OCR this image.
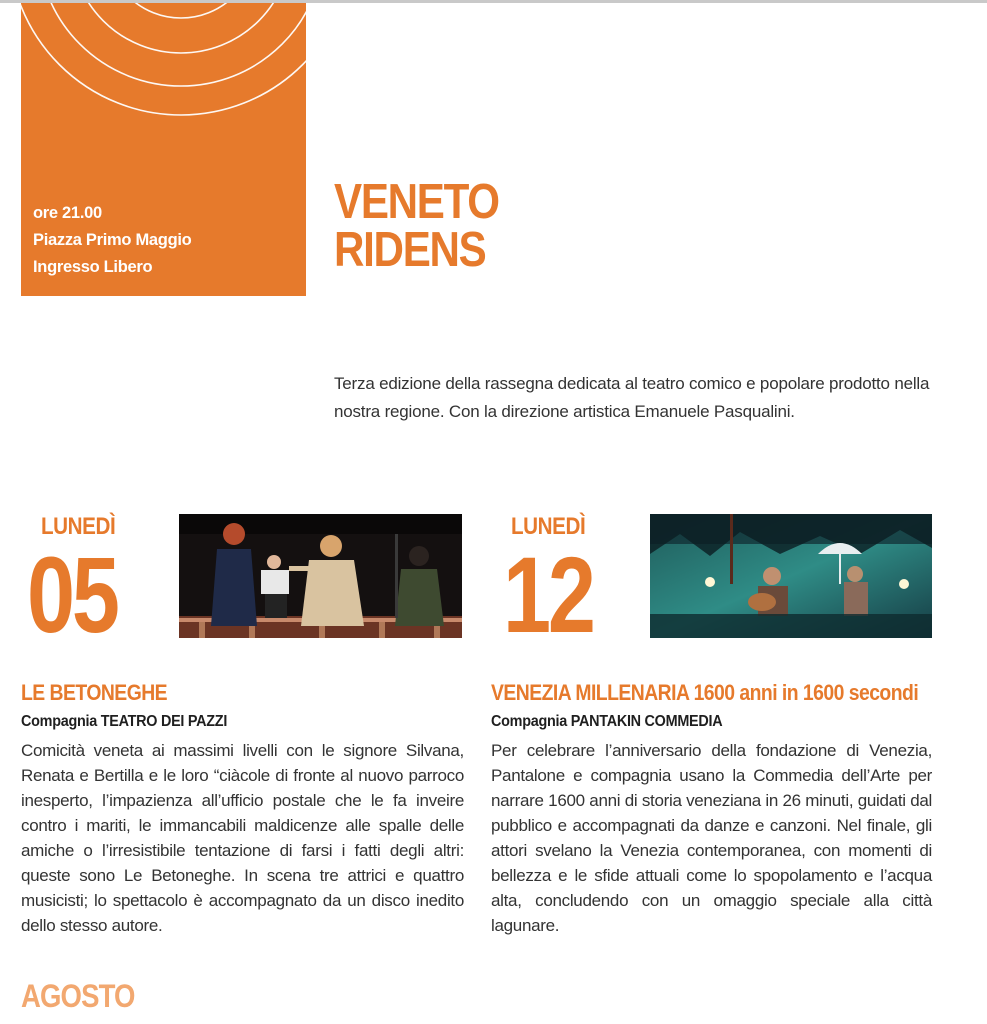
ore 21.00
Piazza Primo Maggio
Ingresso Libero
VENETO
RIDENS
Terza edizione della rassegna dedicata al teatro comico e popolare prodotto nella nostra regione. Con la direzione artistica Emanuele Pasqualini.
LUNEDÌ
05
LE BETONEGHE
Compagnia TEATRO DEI PAZZI
Comicità veneta ai massimi livelli con le signore Silvana, Renata e Bertilla e le loro “ciàcole di fronte al nuovo parroco inesperto, l’impazienza all’ufficio postale che le fa inveire contro i mariti, le immancabili maldicenze alle spalle delle amiche o l’irresistibile tentazione di farsi i fatti degli altri: queste sono Le Betoneghe. In scena tre attrici e quattro musicisti; lo spettacolo è accompagnato da un disco inedito dello stesso autore.
LUNEDÌ
12
VENEZIA MILLENARIA 1600 anni in 1600 secondi
Compagnia PANTAKIN COMMEDIA
Per celebrare l’anniversario della fondazione di Venezia, Pantalone e compagnia usano la Commedia dell’Arte per narrare 1600 anni di storia veneziana in 26 minuti, guidati dal pubblico e accompagnati da danze e canzoni. Nel finale, gli attori svelano la Venezia contemporanea, con momenti di bellezza e le sfide attuali come lo spopolamento e l’acqua alta, concludendo con un omaggio speciale alla città lagunare.
AGOSTO
